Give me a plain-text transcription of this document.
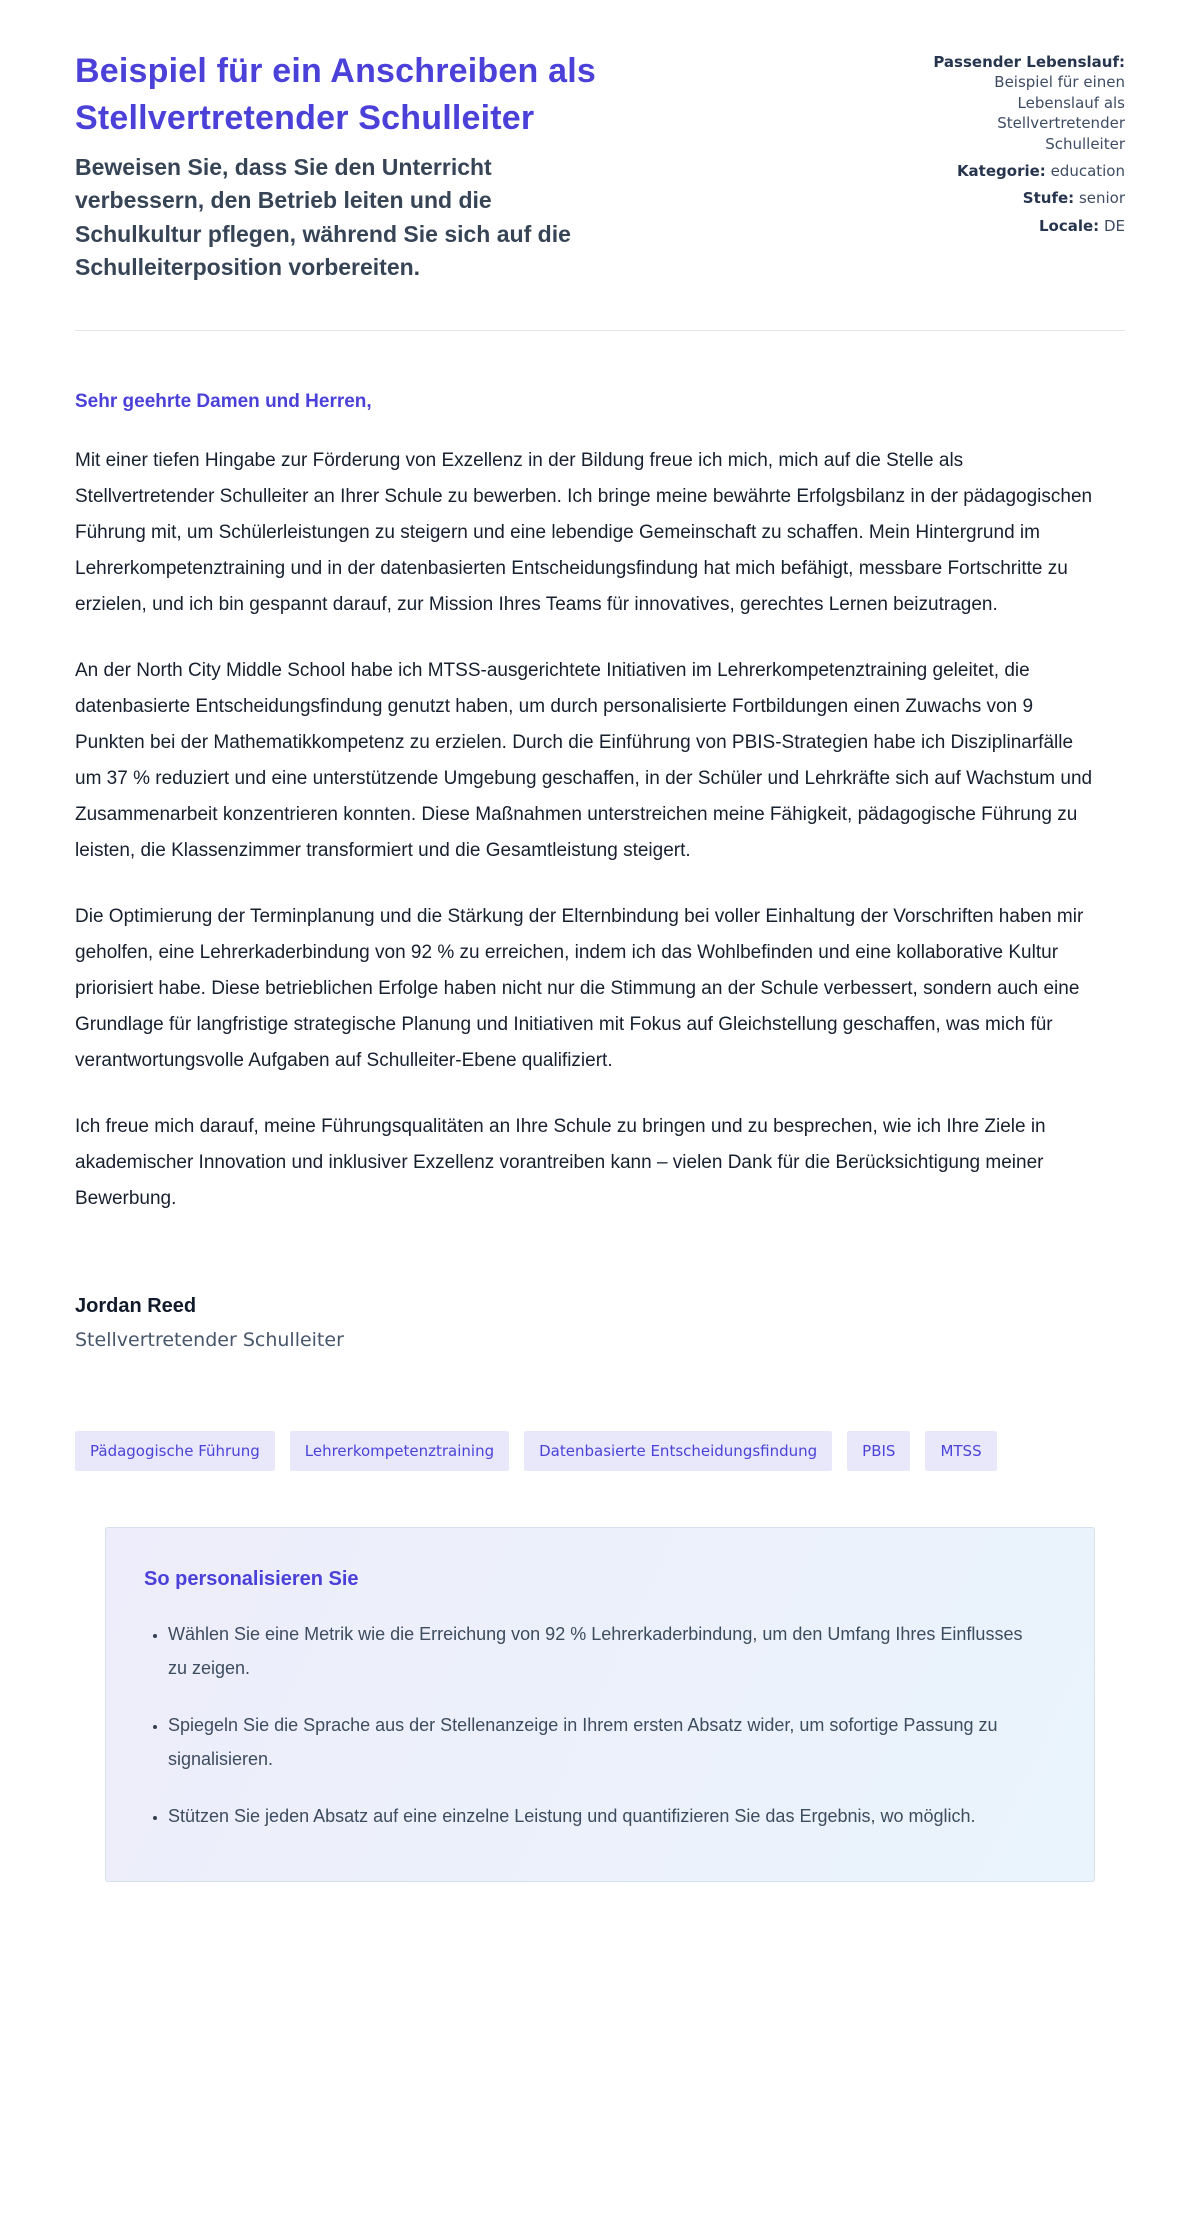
Beispiel für ein Anschreiben als Stellvertretender Schulleiter
Beweisen Sie, dass Sie den Unterricht verbessern, den Betrieb leiten und die Schulkultur pflegen, während Sie sich auf die Schulleiterposition vorbereiten.
Passender Lebenslauf:
Beispiel für einen Lebenslauf als Stellvertretender Schulleiter
Kategorie: education
Stufe: senior
Locale: DE
Sehr geehrte Damen und Herren,

Mit einer tiefen Hingabe zur Förderung von Exzellenz in der Bildung freue ich mich, mich auf die Stelle als Stellvertretender Schulleiter an Ihrer Schule zu bewerben. Ich bringe meine bewährte Erfolgsbilanz in der pädagogischen Führung mit, um Schülerleistungen zu steigern und eine lebendige Gemeinschaft zu schaffen. Mein Hintergrund im Lehrerkompetenztraining und in der datenbasierten Entscheidungsfindung hat mich befähigt, messbare Fortschritte zu erzielen, und ich bin gespannt darauf, zur Mission Ihres Teams für innovatives, gerechtes Lernen beizutragen.

An der North City Middle School habe ich MTSS-ausgerichtete Initiativen im Lehrerkompetenztraining geleitet, die datenbasierte Entscheidungsfindung genutzt haben, um durch personalisierte Fortbildungen einen Zuwachs von 9 Punkten bei der Mathematikkompetenz zu erzielen. Durch die Einführung von PBIS-Strategien habe ich Disziplinarfälle um 37 % reduziert und eine unterstützende Umgebung geschaffen, in der Schüler und Lehrkräfte sich auf Wachstum und Zusammenarbeit konzentrieren konnten. Diese Maßnahmen unterstreichen meine Fähigkeit, pädagogische Führung zu leisten, die Klassenzimmer transformiert und die Gesamtleistung steigert.

Die Optimierung der Terminplanung und die Stärkung der Elternbindung bei voller Einhaltung der Vorschriften haben mir geholfen, eine Lehrerkaderbindung von 92 % zu erreichen, indem ich das Wohlbefinden und eine kollaborative Kultur priorisiert habe. Diese betrieblichen Erfolge haben nicht nur die Stimmung an der Schule verbessert, sondern auch eine Grundlage für langfristige strategische Planung und Initiativen mit Fokus auf Gleichstellung geschaffen, was mich für verantwortungsvolle Aufgaben auf Schulleiter-Ebene qualifiziert.

Ich freue mich darauf, meine Führungsqualitäten an Ihre Schule zu bringen und zu besprechen, wie ich Ihre Ziele in akademischer Innovation und inklusiver Exzellenz vorantreiben kann – vielen Dank für die Berücksichtigung meiner Bewerbung.

Jordan Reed
Stellvertretender Schulleiter
Pädagogische Führung	Lehrerkompetenztraining	Datenbasierte Entscheidungsfindung	PBIS	MTSS
So personalisieren Sie
• Wählen Sie eine Metrik wie die Erreichung von 92 % Lehrerkaderbindung, um den Umfang Ihres Einflusses zu zeigen.
• Spiegeln Sie die Sprache aus der Stellenanzeige in Ihrem ersten Absatz wider, um sofortige Passung zu signalisieren.
• Stützen Sie jeden Absatz auf eine einzelne Leistung und quantifizieren Sie das Ergebnis, wo möglich.
